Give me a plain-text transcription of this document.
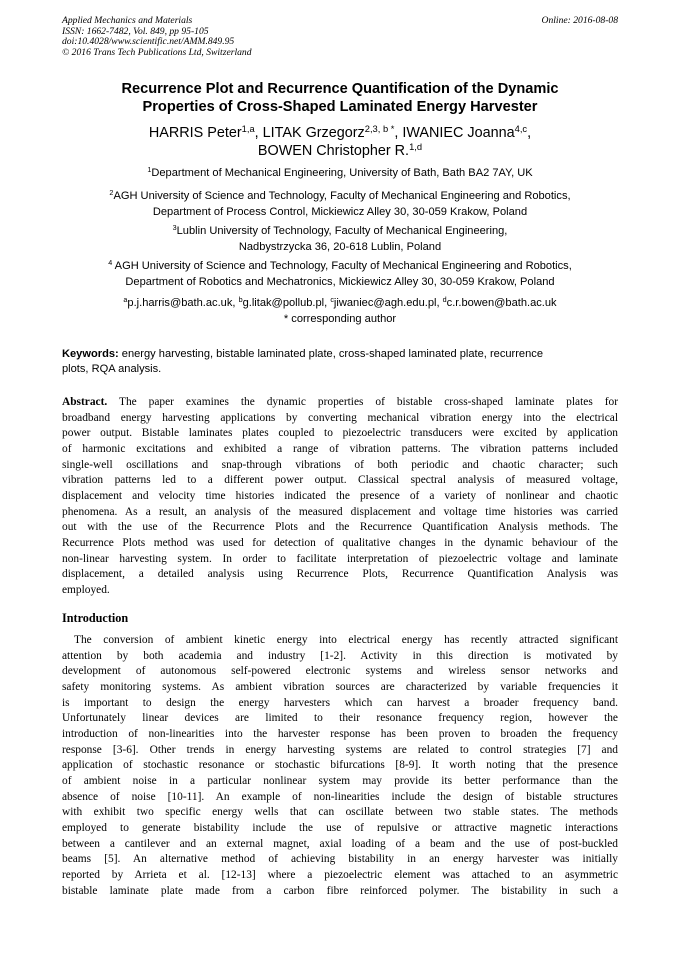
Applied Mechanics and Materials
ISSN: 1662-7482, Vol. 849, pp 95-105
doi:10.4028/www.scientific.net/AMM.849.95
© 2016 Trans Tech Publications Ltd, Switzerland
Online: 2016-08-08
Recurrence Plot and Recurrence Quantification of the Dynamic
Properties of Cross-Shaped Laminated Energy Harvester
HARRIS Peter$^{1,a}$, LITAK Grzegorz$^{2,3, b *}$, IWANIEC Joanna$^{4,c}$,
BOWEN Christopher R.$^{1,d}$
$^1$Department of Mechanical Engineering, University of Bath, Bath BA2 7AY, UK
$^2$AGH University of Science and Technology, Faculty of Mechanical Engineering and Robotics,
Department of Process Control, Mickiewicz Alley 30, 30-059 Krakow, Poland
$^3$Lublin University of Technology, Faculty of Mechanical Engineering,
Nadbystrzycka 36, 20-618 Lublin, Poland
$^4$ AGH University of Science and Technology, Faculty of Mechanical Engineering and Robotics,
Department of Robotics and Mechatronics, Mickiewicz Alley 30, 30-059 Krakow, Poland
$^a$p.j.harris@bath.ac.uk, $^b$g.litak@pollub.pl, $^c$jiwaniec@agh.edu.pl, $^d$c.r.bowen@bath.ac.uk
* corresponding author
Keywords: energy harvesting, bistable laminated plate, cross-shaped laminated plate, recurrence
plots, RQA analysis.
Abstract. The paper examines the dynamic properties of bistable cross-shaped laminate plates for
broadband energy harvesting applications by converting mechanical vibration energy into the electrical
power output. Bistable laminates plates coupled to piezoelectric transducers were excited by application
of harmonic excitations and exhibited a range of vibration patterns. The vibration patterns included
single-well oscillations and snap-through vibrations of both periodic and chaotic character; such
vibration patterns led to a different power output. Classical spectral analysis of measured voltage,
displacement and velocity time histories indicated the presence of a variety of nonlinear and chaotic
phenomena. As a result, an analysis of the measured displacement and voltage time histories was carried
out with the use of the Recurrence Plots and the Recurrence Quantification Analysis methods. The
Recurrence Plots method was used for detection of qualitative changes in the dynamic behaviour of the
non-linear harvesting system. In order to facilitate interpretation of piezoelectric voltage and laminate
displacement, a detailed analysis using Recurrence Plots, Recurrence Quantification Analysis was
employed.
Introduction
The conversion of ambient kinetic energy into electrical energy has recently attracted significant
attention by both academia and industry [1-2]. Activity in this direction is motivated by
development of autonomous self-powered electronic systems and wireless sensor networks and
safety monitoring systems. As ambient vibration sources are characterized by variable frequencies it
is important to design the energy harvesters which can harvest a broader frequency band.
Unfortunately linear devices are limited to their resonance frequency region, however the
introduction of non-linearities into the harvester response has been proven to broaden the frequency
response [3-6]. Other trends in energy harvesting systems are related to control strategies [7] and
application of stochastic resonance or stochastic bifurcations [8-9]. It worth noting that the presence
of ambient noise in a particular nonlinear system may provide its better performance than the
absence of noise [10-11]. An example of non-linearities include the design of bistable structures
with exhibit two specific energy wells that can oscillate between two stable states. The methods
employed to generate bistability include the use of repulsive or attractive magnetic interactions
between a cantilever and an external magnet, axial loading of a beam and the use of post-buckled
beams [5]. An alternative method of achieving bistability in an energy harvester was initially
reported by Arrieta et al. [12-13] where a piezoelectric element was attached to an asymmetric
bistable laminate plate made from a carbon fibre reinforced polymer. The bistability in such a
